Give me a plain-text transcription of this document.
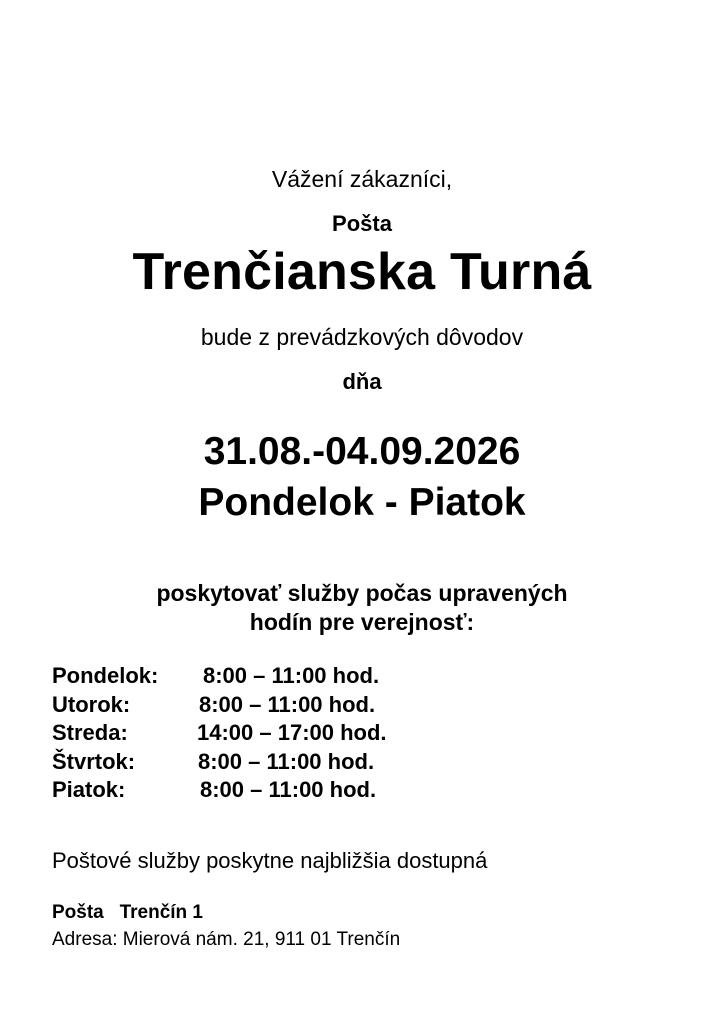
Vážení zákazníci,
Pošta
Trenčianska Turná
bude z prevádzkových dôvodov
dňa
31.08.-04.09.2026
Pondelok - Piatok
poskytovať služby počas upravených
hodín pre verejnosť:
Pondelok: 8:00 – 11:00 hod.
Utorok:	8:00 – 11:00 hod.
Streda:	14:00 – 17:00 hod.
Štvrtok:	8:00 – 11:00 hod.
Piatok:	8:00 – 11:00 hod.
Poštové služby poskytne najbližšia dostupná
Pošta   Trenčín 1
Adresa: Mierová nám. 21, 911 01 Trenčín
